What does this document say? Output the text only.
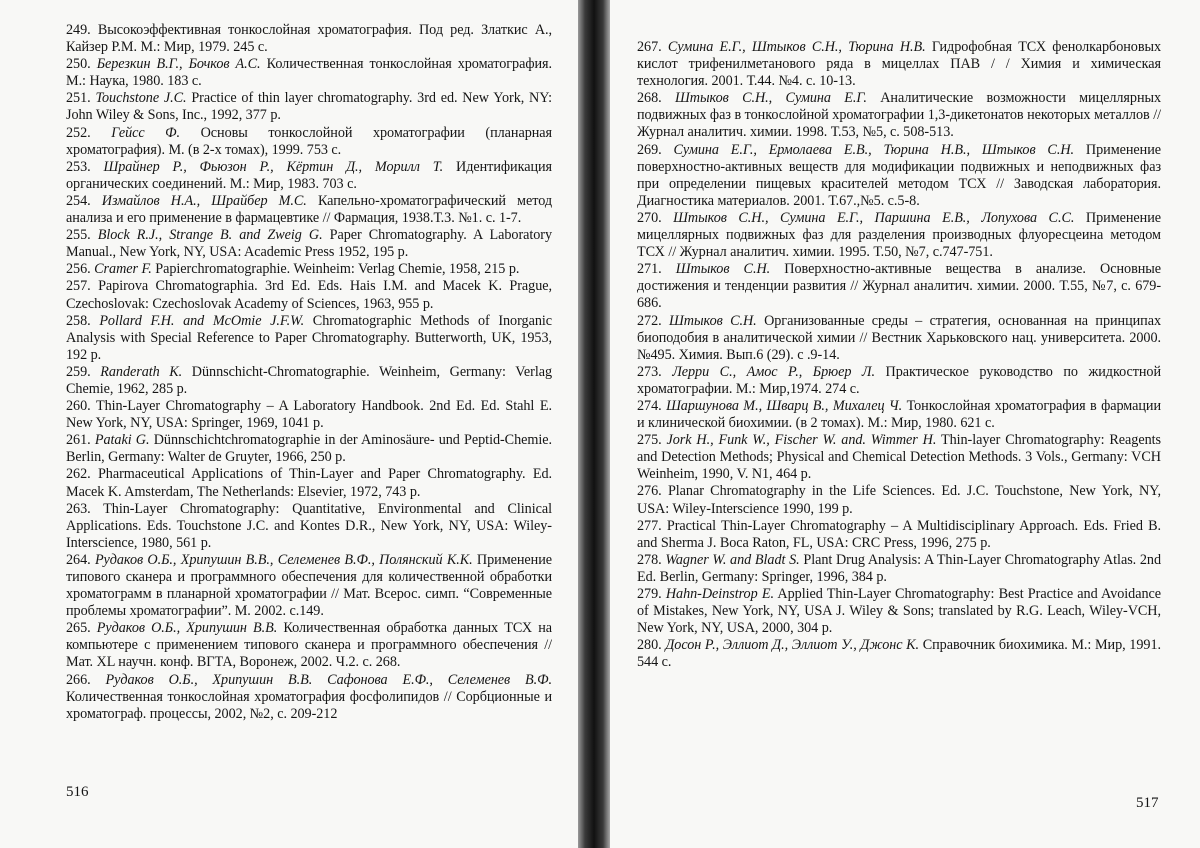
249. Высокоэффективная тонкослойная хроматография. Под ред. Златкис А., Кайзер Р.М. М.: Мир, 1979. 245 с.
250. Березкин В.Г., Бочков А.С. Количественная тонкослойная хроматография. М.: Наука, 1980. 183 с.
251. Touchstone J.C. Practice of thin layer chromatography. 3rd ed. New York, NY: John Wiley & Sons, Inc., 1992, 377 p.
252. Гейсс Ф. Основы тонкослойной хроматографии (планарная хроматография). М. (в 2-х томах), 1999. 753 с.
253. Шрайнер Р., Фьюзон Р., Кёртин Д., Морилл Т. Идентификация органических соединений. М.: Мир, 1983. 703 с.
254. Измайлов Н.А., Шрайбер М.С. Капельно-хроматографический метод анализа и его применение в фармацевтике // Фармация, 1938.Т.3. №1. с. 1-7.
255. Block R.J., Strange B. and Zweig G. Paper Chromatography. A Laboratory Manual., New York, NY, USA: Academic Press 1952, 195 p.
256. Cramer F. Papierchromatographie. Weinheim: Verlag Chemie, 1958, 215 p.
257. Papirova Chromatographia. 3rd Ed. Eds. Hais I.M. and Macek K. Prague, Czechoslovak: Czechoslovak Academy of Sciences, 1963, 955 p.
258. Pollard F.H. and McOmie J.F.W. Chromatographic Methods of Inorganic Analysis with Special Reference to Paper Chromatography. Butterworth, UK, 1953, 192 p.
259. Randerath K. Dünnschicht-Chromatographie. Weinheim, Germany: Verlag Chemie, 1962, 285 p.
260. Thin-Layer Chromatography – A Laboratory Handbook. 2nd Ed. Ed. Stahl E. New York, NY, USA: Springer, 1969, 1041 p.
261. Pataki G. Dünnschichtchromatographie in der Aminosäure- und Peptid-Chemie. Berlin, Germany: Walter de Gruyter, 1966, 250 p.
262. Pharmaceutical Applications of Thin-Layer and Paper Chromatography. Ed. Macek K. Amsterdam, The Netherlands: Elsevier, 1972, 743 p.
263. Thin-Layer Chromatography: Quantitative, Environmental and Clinical Applications. Eds. Touchstone J.C. and Kontes D.R., New York, NY, USA: Wiley-Interscience, 1980, 561 p.
264. Рудаков О.Б., Хрипушин В.В., Селеменев В.Ф., Полянский К.К. Применение типового сканера и программного обеспечения для количественной обработки хроматограмм в планарной хроматографии // Мат. Всерос. симп. “Современные проблемы хроматографии”. М. 2002. с.149.
265. Рудаков О.Б., Хрипушин В.В. Количественная обработка данных ТСХ на компьютере с применением типового сканера и программного обеспечения // Мат. XL научн. конф. ВГТА, Воронеж, 2002. Ч.2. с. 268.
266. Рудаков О.Б., Хрипушин В.В. Сафонова Е.Ф., Селеменев В.Ф. Количественная тонкослойная хроматография фосфолипидов // Сорбционные и хроматограф. процессы, 2002, №2, с. 209-212
516
267. Сумина Е.Г., Штыков С.Н., Тюрина Н.В. Гидрофобная ТСХ фенолкарбоновых кислот трифенилметанового ряда в мицеллах ПАВ / / Химия и химическая технология. 2001. Т.44. №4. с. 10-13.
268. Штыков С.Н., Сумина Е.Г. Аналитические возможности мицеллярных подвижных фаз в тонкослойной хроматографии 1,3-дикетонатов некоторых металлов // Журнал аналитич. химии. 1998. Т.53, №5, с. 508-513.
269. Сумина Е.Г., Ермолаева Е.В., Тюрина Н.В., Штыков С.Н. Применение поверхностно-активных веществ для модификации подвижных и неподвижных фаз при определении пищевых красителей методом ТСХ // Заводская лаборатория. Диагностика материалов. 2001. Т.67.,№5. с.5-8.
270. Штыков С.Н., Сумина Е.Г., Паршина Е.В., Лопухова С.С. Применение мицеллярных подвижных фаз для разделения производных флуоресцеина методом ТСХ // Журнал аналитич. химии. 1995. Т.50, №7, с.747-751.
271. Штыков С.Н. Поверхностно-активные вещества в анализе. Основные достижения и тенденции развития // Журнал аналитич. химии. 2000. Т.55, №7, с. 679-686.
272. Штыков С.Н. Организованные среды – стратегия, основанная на принципах биоподобия в аналитической химии // Вестник Харьковского нац. университета. 2000. №495. Химия. Вып.6 (29). с .9-14.
273. Лерри С., Амос Р., Брюер Л. Практическое руководство по жидкостной хроматографии. М.: Мир,1974. 274 с.
274. Шаршунова М., Шварц В., Михалец Ч. Тонкослойная хроматография в фармации и клинической биохимии. (в 2 томах). М.: Мир, 1980. 621 с.
275. Jork H., Funk W., Fischer W. and. Wimmer H. Thin-layer Chromatography: Reagents and Detection Methods; Physical and Chemical Detection Methods. 3 Vols., Germany: VCH Weinheim, 1990, V. N1, 464 p.
276. Planar Chromatography in the Life Sciences. Ed. J.C. Touchstone, New York, NY, USA: Wiley-Interscience 1990, 199 p.
277. Practical Thin-Layer Chromatography – A Multidisciplinary Approach. Eds. Fried B. and Sherma J. Boca Raton, FL, USA: CRC Press, 1996, 275 p.
278. Wagner W. and Bladt S. Plant Drug Analysis: A Thin-Layer Chromatography Atlas. 2nd Ed. Berlin, Germany: Springer, 1996, 384 p.
279. Hahn-Deinstrop E. Applied Thin-Layer Chromatography: Best Practice and Avoidance of Mistakes, New York, NY, USA J. Wiley & Sons; translated by R.G. Leach, Wiley-VCH, New York, NY, USA, 2000, 304 p.
280. Досон Р., Эллиот Д., Эллиот У., Джонс К. Справочник биохимика. М.: Мир, 1991. 544 с.
517
